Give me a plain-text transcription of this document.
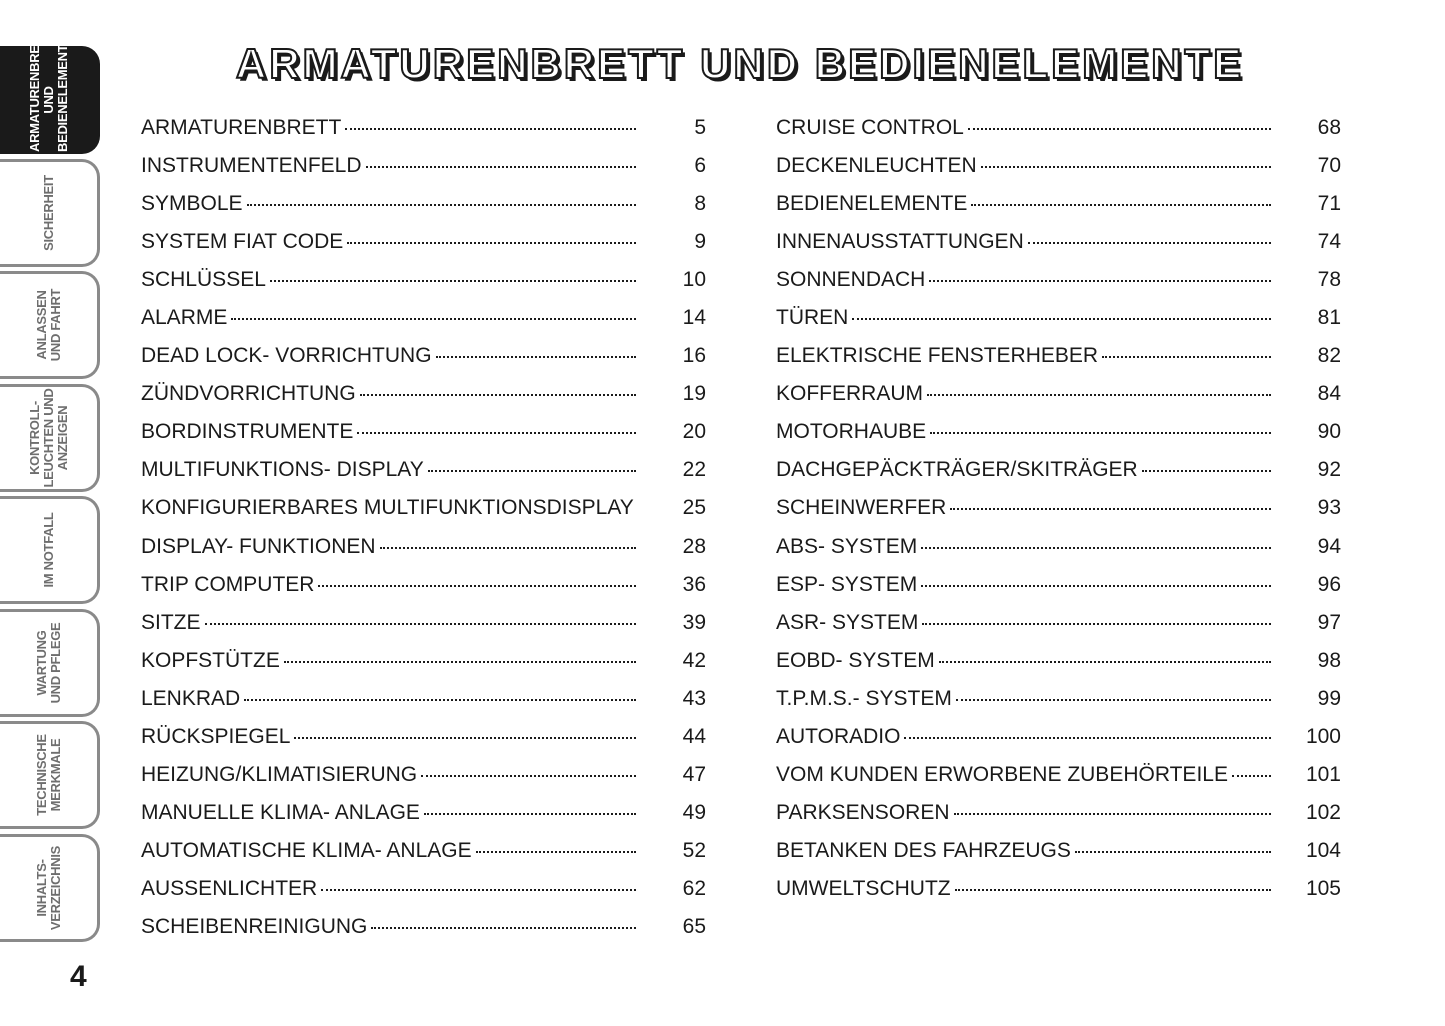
ARMATURENBRETT
UND
BEDIENELEMENTE
SICHERHEIT
ANLASSEN
UND FAHRT
KONTROLL-
LEUCHTEN UND
ANZEIGEN
IM NOTFALL
WARTUNG
UND PFLEGE
TECHNISCHE
MERKMALE
INHALTS-
VERZEICHNIS
4
ARMATURENBRETT UND BEDIENELEMENTE
ARMATURENBRETT	5
INSTRUMENTENFELD	6
SYMBOLE	8
SYSTEM FIAT CODE	9
SCHLÜSSEL	10
ALARME	14
DEAD LOCK- VORRICHTUNG	16
ZÜNDVORRICHTUNG	19
BORDINSTRUMENTE	20
MULTIFUNKTIONS- DISPLAY	22
KONFIGURIERBARES MULTIFUNKTIONSDISPLAY	25
DISPLAY- FUNKTIONEN	28
TRIP COMPUTER	36
SITZE	39
KOPFSTÜTZE	42
LENKRAD	43
RÜCKSPIEGEL	44
HEIZUNG/KLIMATISIERUNG	47
MANUELLE KLIMA- ANLAGE	49
AUTOMATISCHE KLIMA- ANLAGE	52
AUSSENLICHTER	62
SCHEIBENREINIGUNG	65
CRUISE CONTROL	68
DECKENLEUCHTEN	70
BEDIENELEMENTE	71
INNENAUSSTATTUNGEN	74
SONNENDACH	78
TÜREN	81
ELEKTRISCHE FENSTERHEBER	82
KOFFERRAUM	84
MOTORHAUBE	90
DACHGEPÄCKTRÄGER/SKITRÄGER	92
SCHEINWERFER	93
ABS- SYSTEM	94
ESP- SYSTEM	96
ASR- SYSTEM	97
EOBD- SYSTEM	98
T.P.M.S.- SYSTEM	99
AUTORADIO	100
VOM KUNDEN ERWORBENE ZUBEHÖRTEILE	101
PARKSENSOREN	102
BETANKEN DES FAHRZEUGS	104
UMWELTSCHUTZ	105
